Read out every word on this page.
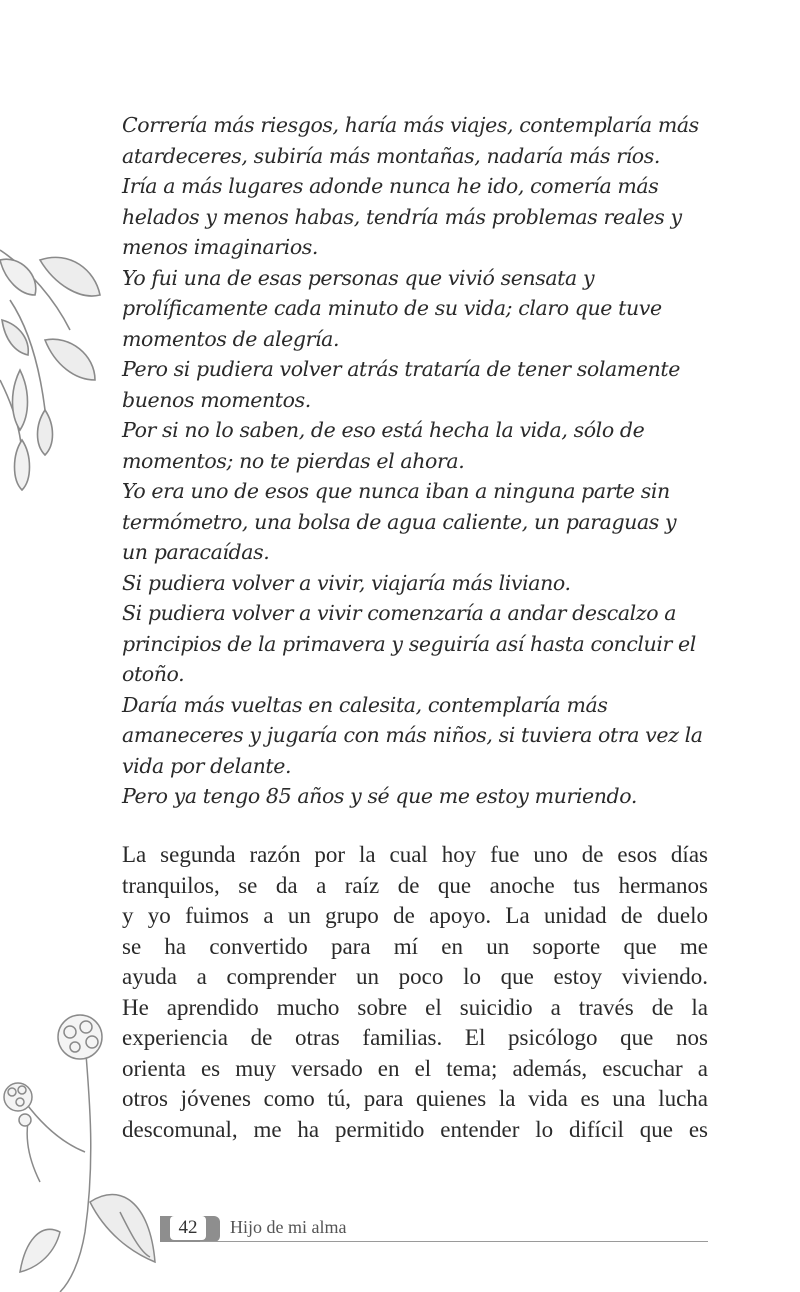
Correría más riesgos, haría más viajes, contemplaría más
atardeceres, subiría más montañas, nadaría más ríos.
Iría a más lugares adonde nunca he ido, comería más
helados y menos habas, tendría más problemas reales y
menos imaginarios.
Yo fui una de esas personas que vivió sensata y
prolíficamente cada minuto de su vida; claro que tuve
momentos de alegría.
Pero si pudiera volver atrás trataría de tener solamente
buenos momentos.
Por si no lo saben, de eso está hecha la vida, sólo de
momentos; no te pierdas el ahora.
Yo era uno de esos que nunca iban a ninguna parte sin
termómetro, una bolsa de agua caliente, un paraguas y
un paracaídas.
Si pudiera volver a vivir, viajaría más liviano.
Si pudiera volver a vivir comenzaría a andar descalzo a
principios de la primavera y seguiría así hasta concluir el
otoño.
Daría más vueltas en calesita, contemplaría más
amaneceres y jugaría con más niños, si tuviera otra vez la
vida por delante.
Pero ya tengo 85 años y sé que me estoy muriendo.
La segunda razón por la cual hoy fue uno de esos días
tranquilos, se da a raíz de que anoche tus hermanos
y yo fuimos a un grupo de apoyo. La unidad de duelo
se ha convertido para mí en un soporte que me
ayuda a comprender un poco lo que estoy viviendo.
He aprendido mucho sobre el suicidio a través de la
experiencia de otras familias. El psicólogo que nos
orienta es muy versado en el tema; además, escuchar a
otros jóvenes como tú, para quienes la vida es una lucha
descomunal, me ha permitido entender lo difícil que es
42	Hijo de mi alma
